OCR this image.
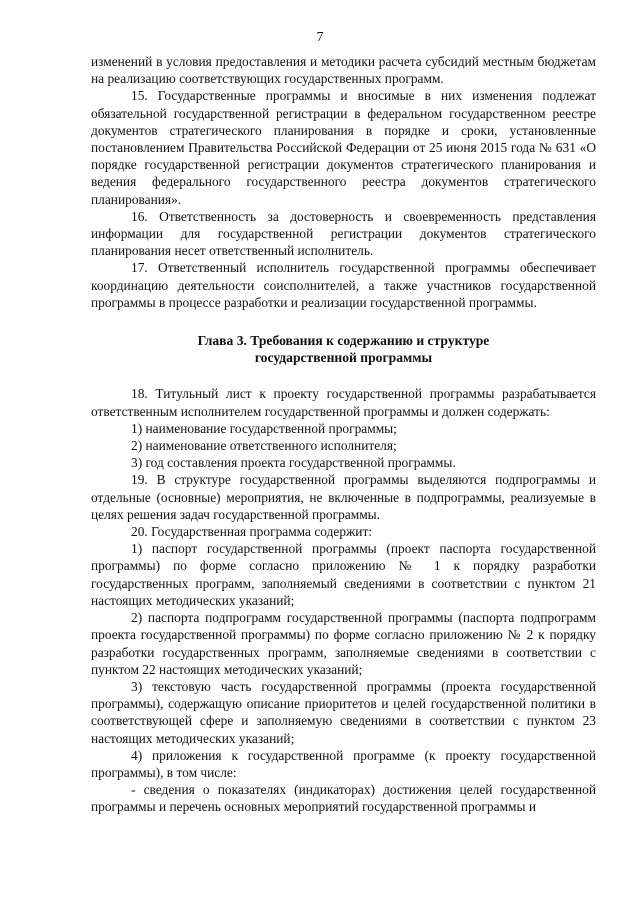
7

изменений в условия предоставления и методики расчета субсидий местным бюджетам на реализацию соответствующих государственных программ.

15. Государственные программы и вносимые в них изменения подлежат обязательной государственной регистрации в федеральном государственном реестре документов стратегического планирования в порядке и сроки, установленные постановлением Правительства Российской Федерации от 25 июня 2015 года № 631 «О порядке государственной регистрации документов стратегического планирования и ведения федерального государственного реестра документов стратегического планирования».

16. Ответственность за достоверность и своевременность представления информации для государственной регистрации документов стратегического планирования несет ответственный исполнитель.

17. Ответственный исполнитель государственной программы обеспечивает координацию деятельности соисполнителей, а также участников государственной программы в процессе разработки и реализации государственной программы.

Глава 3. Требования к содержанию и структуре
государственной программы

18. Титульный лист к проекту государственной программы разрабатывается ответственным исполнителем государственной программы и должен содержать:

1) наименование государственной программы;

2) наименование ответственного исполнителя;

3) год составления проекта государственной программы.

19. В структуре государственной программы выделяются подпрограммы и отдельные (основные) мероприятия, не включенные в подпрограммы, реализуемые в целях решения задач государственной программы.

20. Государственная программа содержит:

1) паспорт государственной программы (проект паспорта государственной программы) по форме согласно приложению № 1 к порядку разработки государственных программ, заполняемый сведениями в соответствии с пунктом 21 настоящих методических указаний;

2) паспорта подпрограмм государственной программы (паспорта подпрограмм проекта государственной программы) по форме согласно приложению № 2 к порядку разработки государственных программ, заполняемые сведениями в соответствии с пунктом 22 настоящих методических указаний;

3) текстовую часть государственной программы (проекта государственной программы), содержащую описание приоритетов и целей государственной политики в соответствующей сфере и заполняемую сведениями в соответствии с пунктом 23 настоящих методических указаний;

4) приложения к государственной программе (к проекту государственной программы), в том числе:

- сведения о показателях (индикаторах) достижения целей государственной программы и перечень основных мероприятий государственной программы и
